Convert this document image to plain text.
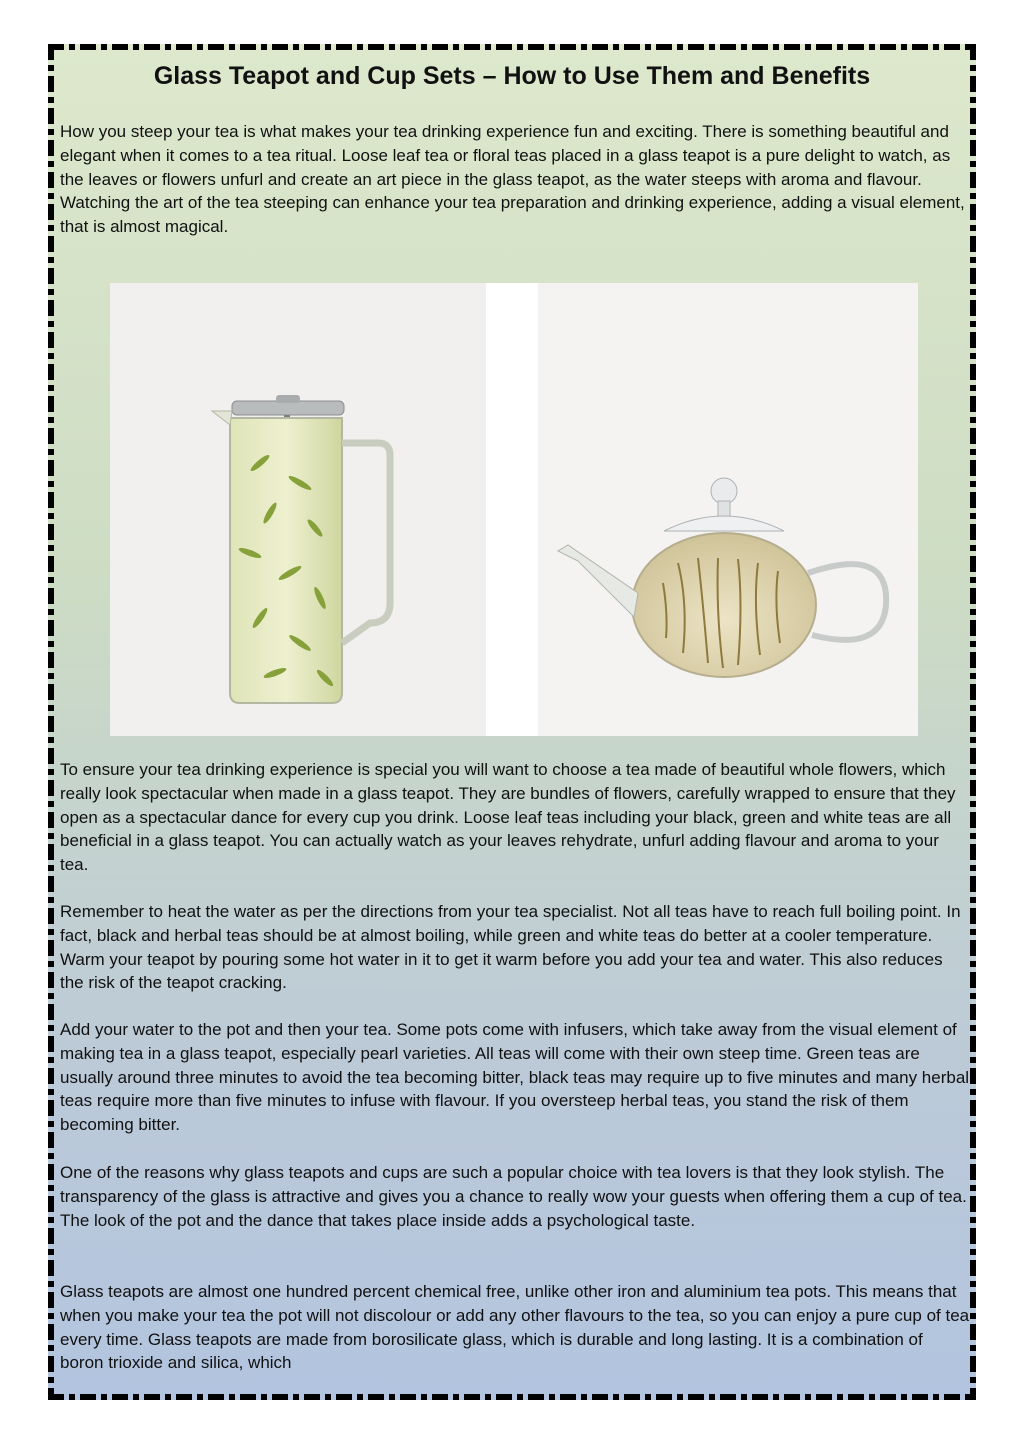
Glass Teapot and Cup Sets – How to Use Them and Benefits

How you steep your tea is what makes your tea drinking experience fun and exciting. There is something beautiful and elegant when it comes to a tea ritual. Loose leaf tea or floral teas placed in a glass teapot is a pure delight to watch, as the leaves or flowers unfurl and create an art piece in the glass teapot, as the water steeps with aroma and flavour. Watching the art of the tea steeping can enhance your tea preparation and drinking experience, adding a visual element, that is almost magical.

To ensure your tea drinking experience is special you will want to choose a tea made of beautiful whole flowers, which really look spectacular when made in a glass teapot. They are bundles of flowers, carefully wrapped to ensure that they open as a spectacular dance for every cup you drink. Loose leaf teas including your black, green and white teas are all beneficial in a glass teapot. You can actually watch as your leaves rehydrate, unfurl adding flavour and aroma to your tea.

Remember to heat the water as per the directions from your tea specialist. Not all teas have to reach full boiling point. In fact, black and herbal teas should be at almost boiling, while green and white teas do better at a cooler temperature. Warm your teapot by pouring some hot water in it to get it warm before you add your tea and water. This also reduces the risk of the teapot cracking.

Add your water to the pot and then your tea. Some pots come with infusers, which take away from the visual element of making tea in a glass teapot, especially pearl varieties. All teas will come with their own steep time. Green teas are usually around three minutes to avoid the tea becoming bitter, black teas may require up to five minutes and many herbal teas require more than five minutes to infuse with flavour. If you oversteep herbal teas, you stand the risk of them becoming bitter.

One of the reasons why glass teapots and cups are such a popular choice with tea lovers is that they look stylish. The transparency of the glass is attractive and gives you a chance to really wow your guests when offering them a cup of tea. The look of the pot and the dance that takes place inside adds a psychological taste.

Glass teapots are almost one hundred percent chemical free, unlike other iron and aluminium tea pots. This means that when you make your tea the pot will not discolour or add any other flavours to the tea, so you can enjoy a pure cup of tea every time. Glass teapots are made from borosilicate glass, which is durable and long lasting. It is a combination of boron trioxide and silica, which
